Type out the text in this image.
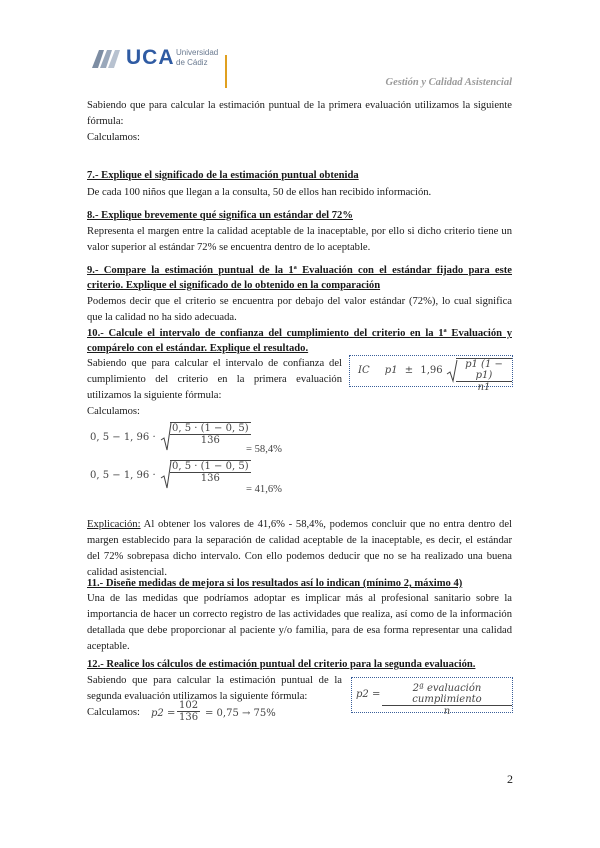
UCA Universidad
de Cádiz
Gestión y Calidad Asistencial
Sabiendo que para calcular la estimación puntual de la primera evaluación utilizamos la siguiente fórmula:
Calculamos:
7.- Explique el significado de la estimación puntual obtenida
De cada 100 niños que llegan a la consulta, 50 de ellos han recibido información.
8.- Explique brevemente qué significa un estándar del 72%
Representa el margen entre la calidad aceptable de la inaceptable, por ello si dicho criterio tiene un valor superior al estándar 72% se encuentra dentro de lo aceptable.
9.- Compare la estimación puntual de la 1ª Evaluación con el estándar fijado para este criterio. Explique el significado de lo obtenido en la comparación
Podemos decir que el criterio se encuentra por debajo del valor estándar (72%), lo cual significa que la calidad no ha sido adecuada.
10.- Calcule el intervalo de confianza del cumplimiento del criterio en la 1ª Evaluación y compárelo con el estándar. Explique el resultado.
Sabiendo que para calcular el intervalo de confianza del cumplimiento del criterio en la primera evaluación utilizamos la siguiente fórmula:
Calculamos:
IC $p1 \pm 1,96 \frac{p1 (1 - p1)}{n1}$
0, 5 − 1, $96 \cdot \frac{0, 5 \cdot (1 - 0, 5)}{136}$
= 58,4%
0, 5 − 1, $96 \cdot \frac{0, 5 \cdot (1 - 0, 5)}{136}$
= 41,6%
Explicación: Al obtener los valores de 41,6% - 58,4%, podemos concluir que no entra dentro del margen establecido para la separación de calidad aceptable de la inaceptable, es decir, el estándar del 72% sobrepasa dicho intervalo. Con ello podemos deducir que no se ha realizado una buena calidad asistencial.
11.- Diseñe medidas de mejora si los resultados así lo indican (mínimo 2, máximo 4)
Una de las medidas que podríamos adoptar es implicar más al profesional sanitario sobre la importancia de hacer un correcto registro de las actividades que realiza, así como de la información detallada que debe proporcionar al paciente y/o familia, para de esa forma representar una calidad aceptable.
12.- Realice los cálculos de estimación puntual del criterio para la segunda evaluación.
Sabiendo que para calcular la estimación puntual de la segunda evaluación utilizamos la siguiente fórmula:
Calculamos:
p2 =
2ª evaluación cumplimiento
n
$p2 = \frac{102}{136} = 0,75 \to 75\%$
2
